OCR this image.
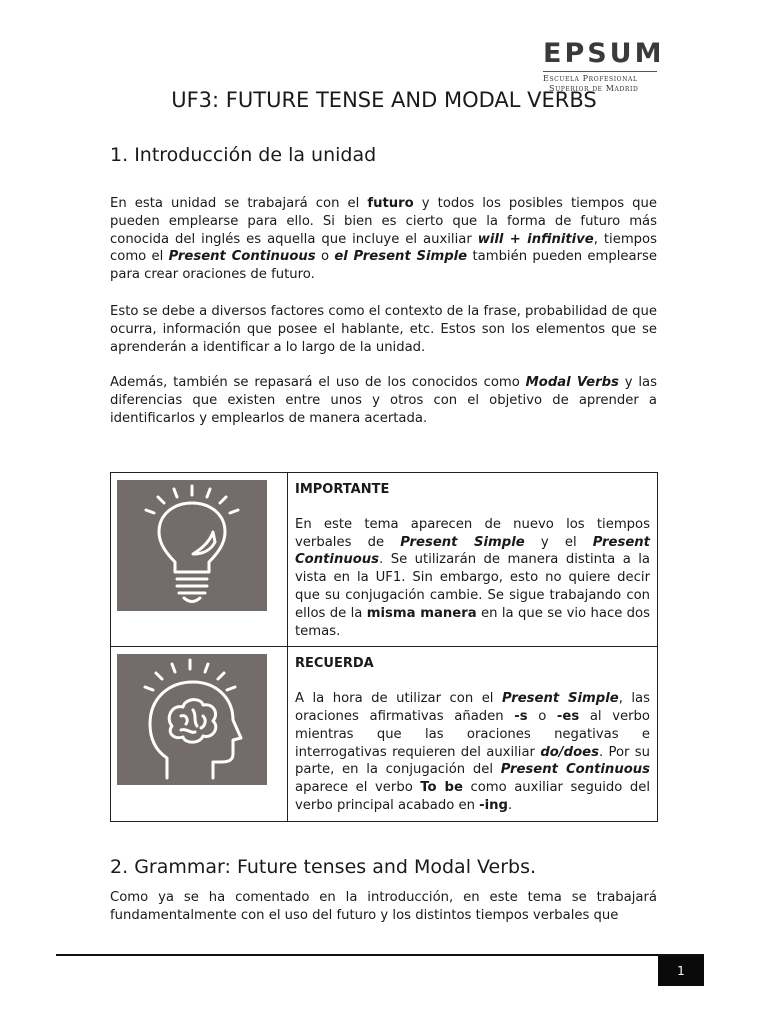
EPSUM
Escuela Profesional
Superior de Madrid
UF3: FUTURE TENSE AND MODAL VERBS
1. Introducción de la unidad

En esta unidad se trabajará con el futuro y todos los posibles tiempos que pueden emplearse para ello. Si bien es cierto que la forma de futuro más conocida del inglés es aquella que incluye el auxiliar will + infinitive, tiempos como el Present Continuous o el Present Simple también pueden emplearse para crear oraciones de futuro.

Esto se debe a diversos factores como el contexto de la frase, probabilidad de que ocurra, información que posee el hablante, etc. Estos son los elementos que se aprenderán a identificar a lo largo de la unidad.

Además, también se repasará el uso de los conocidos como Modal Verbs y las diferencias que existen entre unos y otros con el objetivo de aprender a identificarlos y emplearlos de manera acertada.

IMPORTANTE

En este tema aparecen de nuevo los tiempos verbales de Present Simple y el Present Continuous. Se utilizarán de manera distinta a la vista en la UF1. Sin embargo, esto no quiere decir que su conjugación cambie. Se sigue trabajando con ellos de la misma manera en la que se vio hace dos temas.

RECUERDA

A la hora de utilizar con el Present Simple, las oraciones afirmativas añaden -s o -es al verbo mientras que las oraciones negativas e interrogativas requieren del auxiliar do/does. Por su parte, en la conjugación del Present Continuous aparece el verbo To be como auxiliar seguido del verbo principal acabado en -ing.

2. Grammar: Future tenses and Modal Verbs.

Como ya se ha comentado en la introducción, en este tema se trabajará fundamentalmente con el uso del futuro y los distintos tiempos verbales que

1
